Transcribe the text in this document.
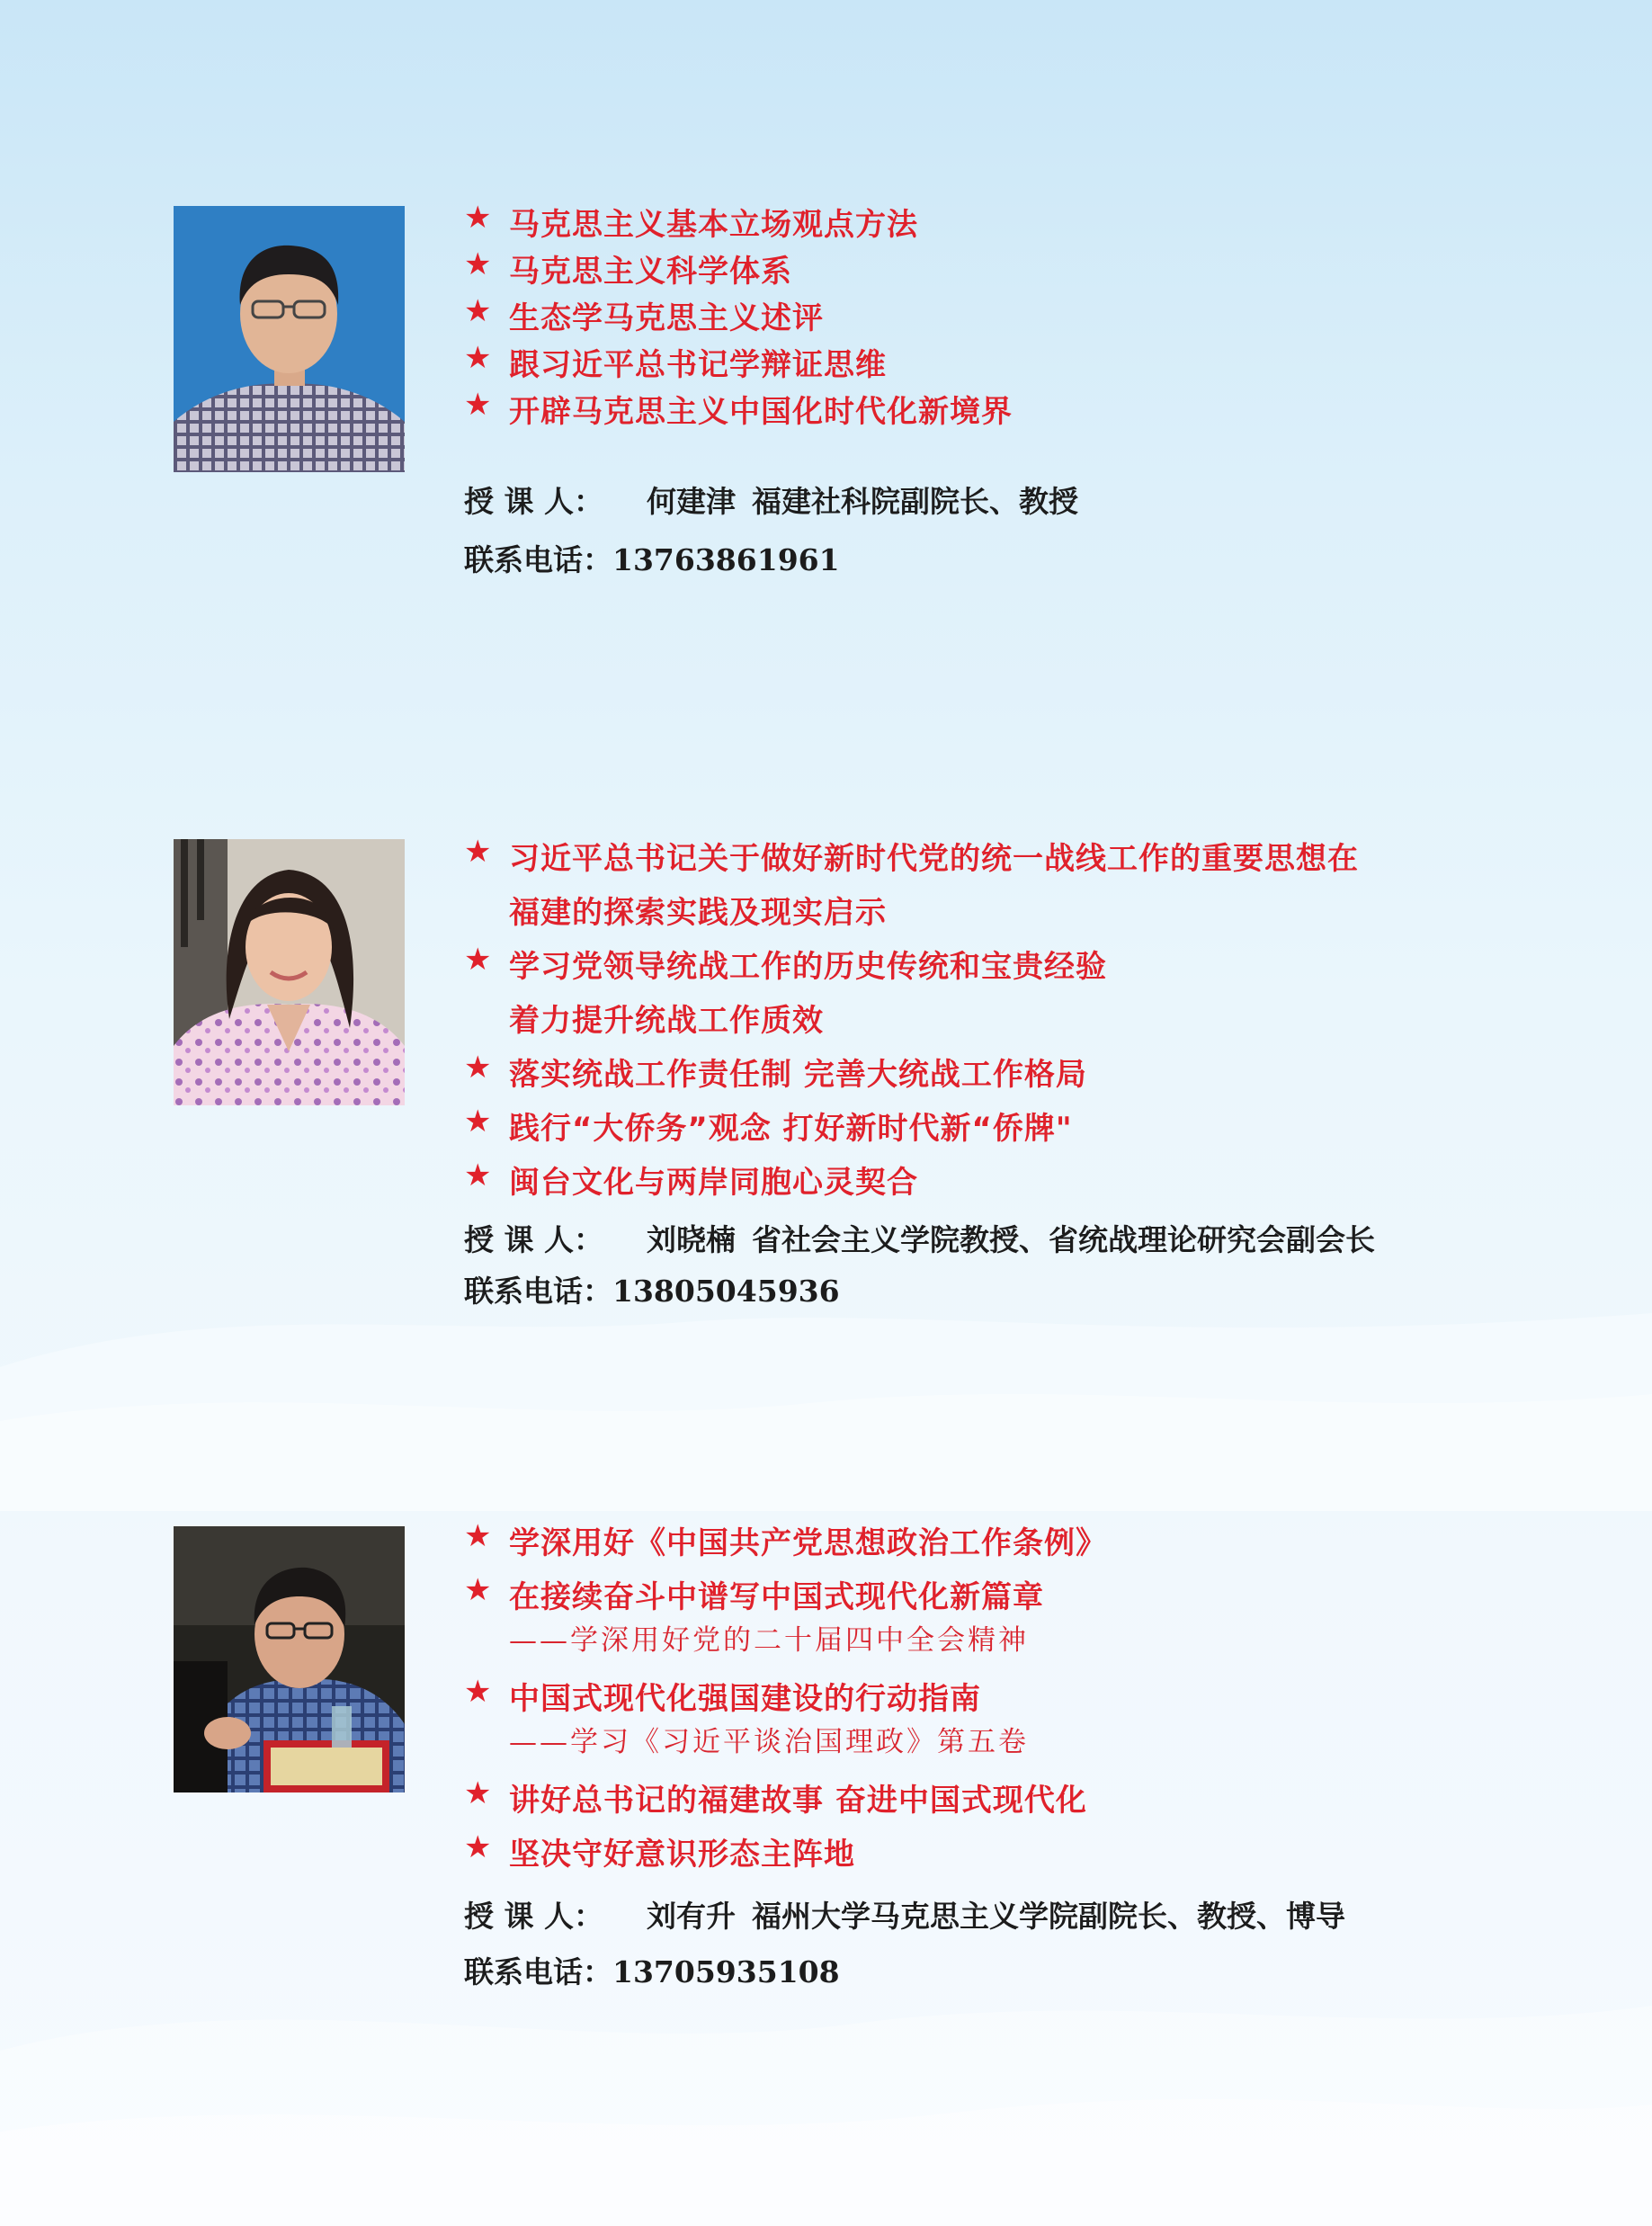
★ 马克思主义基本立场观点方法
★ 马克思主义科学体系
★ 生态学马克思主义述评
★ 跟习近平总书记学辩证思维
★ 开辟马克思主义中国化时代化新境界
授 课 人： 何建津 福建社科院副院长、教授
联系电话：13763861961
★ 习近平总书记关于做好新时代党的统一战线工作的重要思想在
福建的探索实践及现实启示
★ 学习党领导统战工作的历史传统和宝贵经验
着力提升统战工作质效
★ 落实统战工作责任制 完善大统战工作格局
★ 践行“大侨务”观念 打好新时代新“侨牌"
★ 闽台文化与两岸同胞心灵契合
授 课 人： 刘晓楠 省社会主义学院教授、省统战理论研究会副会长
联系电话：13805045936
★ 学深用好《中国共产党思想政治工作条例》
★ 在接续奋斗中谱写中国式现代化新篇章
——学深用好党的二十届四中全会精神
★ 中国式现代化强国建设的行动指南
——学习《习近平谈治国理政》第五卷
★ 讲好总书记的福建故事 奋进中国式现代化
★ 坚决守好意识形态主阵地
授 课 人： 刘有升 福州大学马克思主义学院副院长、教授、博导
联系电话：13705935108
